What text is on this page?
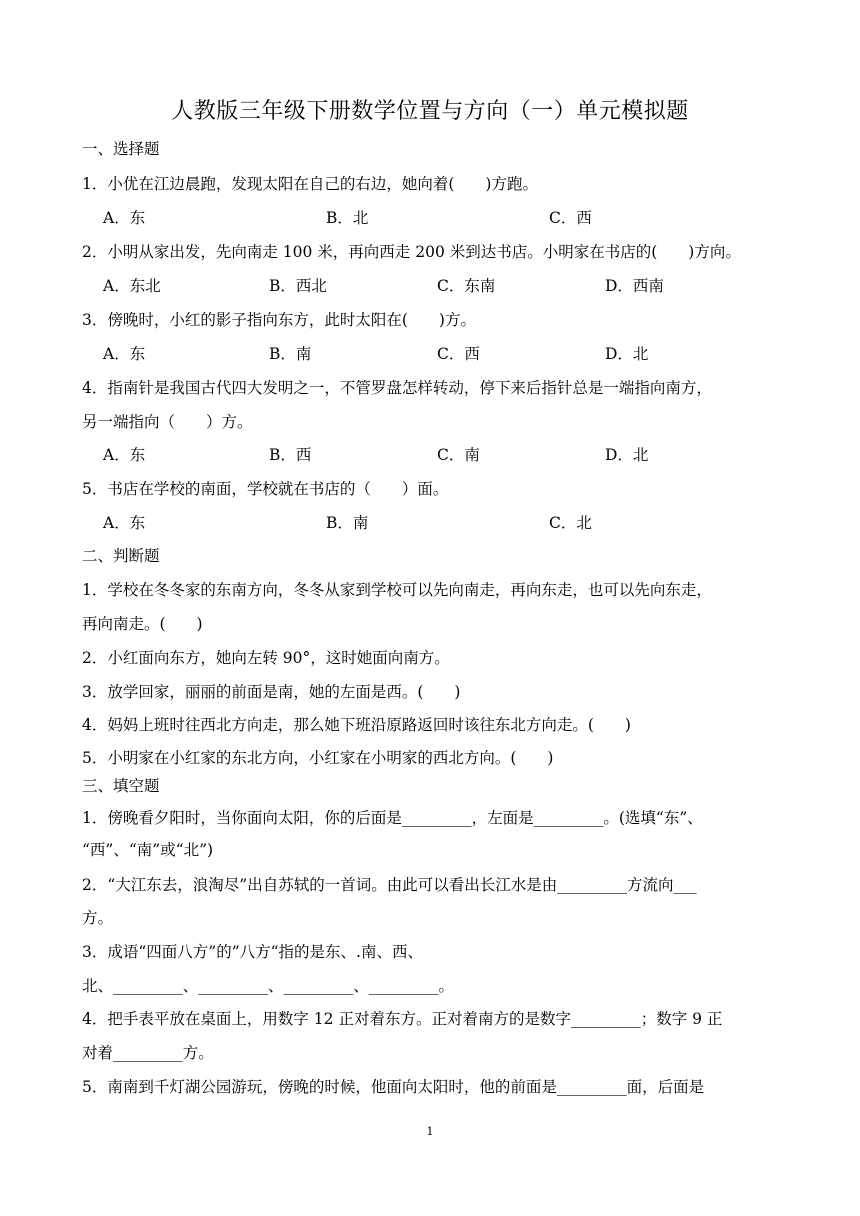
人教版三年级下册数学位置与方向（一）单元模拟题
一、选择题
1．小优在江边晨跑，发现太阳在自己的右边，她向着(　　)方跑。
A．东	B．北	C．西
2．小明从家出发，先向南走 100 米，再向西走 200 米到达书店。小明家在书店的(　　)方向。
A．东北	B．西北	C．东南	D．西南
3．傍晚时，小红的影子指向东方，此时太阳在(　　)方。
A．东	B．南	C．西	D．北
4．指南针是我国古代四大发明之一，不管罗盘怎样转动，停下来后指针总是一端指向南方，
另一端指向（　　）方。
A．东	B．西	C．南	D．北
5．书店在学校的南面，学校就在书店的（　　）面。
A．东	B．南	C．北
二、判断题
1．学校在冬冬家的东南方向，冬冬从家到学校可以先向南走，再向东走，也可以先向东走，
再向南走。(　　)
2．小红面向东方，她向左转 90°，这时她面向南方。
3．放学回家，丽丽的前面是南，她的左面是西。(　　)
4．妈妈上班时往西北方向走，那么她下班沿原路返回时该往东北方向走。(　　)
5．小明家在小红家的东北方向，小红家在小明家的西北方向。(　　)
三、填空题
1．傍晚看夕阳时，当你面向太阳，你的后面是_________，左面是_________。(选填“东”、
“西”、“南”或“北”)
2．“大江东去，浪淘尽”出自苏轼的一首词。由此可以看出长江水是由_________方流向___
方。
3．成语“四面八方”的”八方“指的是东、.南、西、
北、_________、_________、_________、_________。
4．把手表平放在桌面上，用数字 12 正对着东方。正对着南方的是数字_________；数字 9 正
对着_________方。
5．南南到千灯湖公园游玩，傍晚的时候，他面向太阳时，他的前面是_________面，后面是
1
